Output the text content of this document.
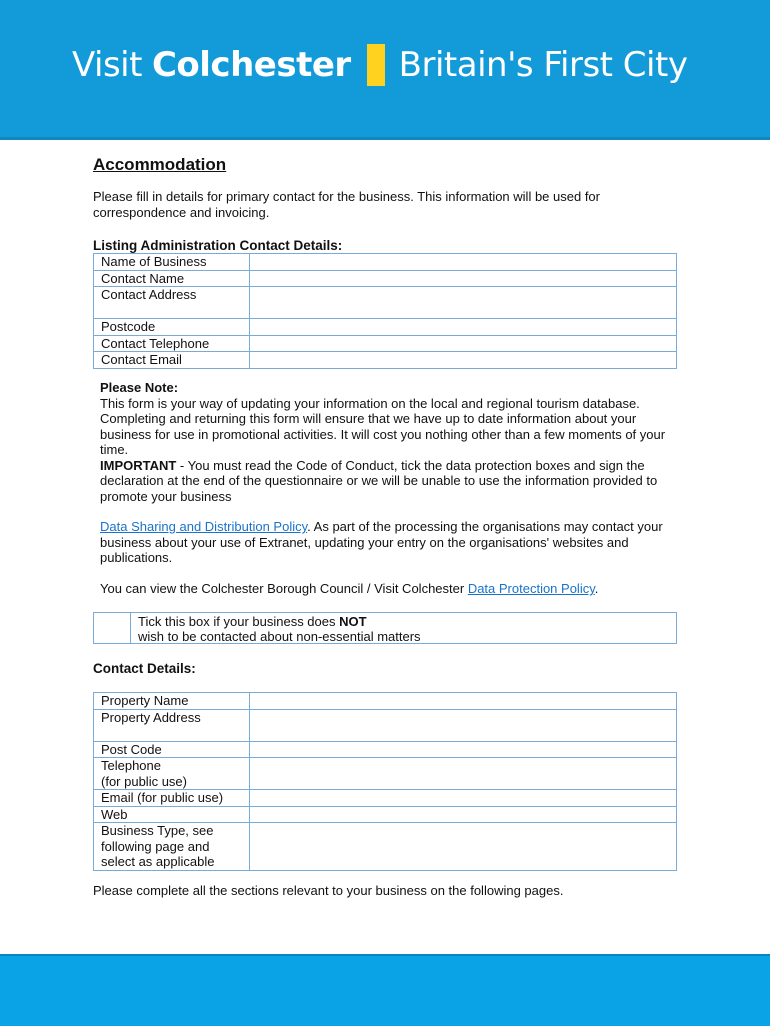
Visit Colchester Britain's First City
Accommodation
Please fill in details for primary contact for the business. This information will be used for correspondence and invoicing.
Listing Administration Contact Details:
Name of Business	
Contact Name	
Contact Address	
Postcode	
Contact Telephone	
Contact Email	
Please Note:
This form is your way of updating your information on the local and regional tourism database. Completing and returning this form will ensure that we have up to date information about your business for use in promotional activities. It will cost you nothing other than a few moments of your time.
IMPORTANT - You must read the Code of Conduct, tick the data protection boxes and sign the declaration at the end of the questionnaire or we will be unable to use the information provided to promote your business
Data Sharing and Distribution Policy. As part of the processing the organisations may contact your business about your use of Extranet, updating your entry on the organisations' websites and publications.
You can view the Colchester Borough Council / Visit Colchester Data Protection Policy.
Tick this box if your business does NOT
wish to be contacted about non-essential matters
Contact Details:
Property Name	
Property Address	
Post Code	

Telephone
(for public use)	

Email (for public use)	
Web	

Business Type, see
following page and
select as applicable	

Please complete all the sections relevant to your business on the following pages.
